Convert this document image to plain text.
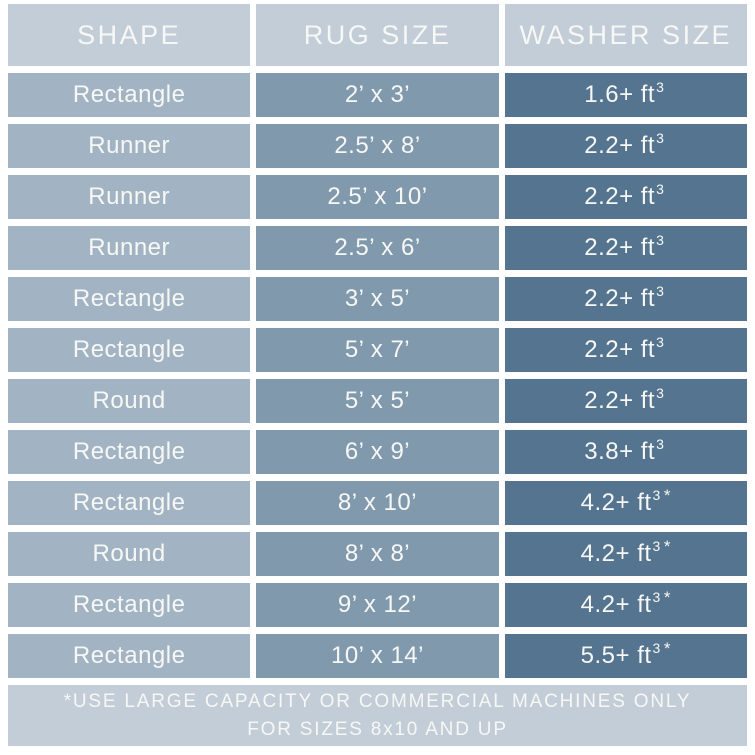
SHAPE	RUG SIZE	WASHER SIZE
Rectangle	2’ x 3’	1.6+ ft 3
Runner	2.5’ x 8’	2.2+ ft 3
Runner	2.5’ x 10’	2.2+ ft 3
Runner	2.5’ x 6’	2.2+ ft 3
Rectangle	3’ x 5’	2.2+ ft 3
Rectangle	5’ x 7’	2.2+ ft 3
Round	5’ x 5’	2.2+ ft 3
Rectangle	6’ x 9’	3.8+ ft 3
Rectangle	8’ x 10’	4.2+ ft 3 *
Round	8’ x 8’	4.2+ ft 3 *
Rectangle	9’ x 12’	4.2+ ft 3 *
Rectangle	10’ x 14’	5.5+ ft 3 *
*USE LARGE CAPACITY OR COMMERCIAL MACHINES ONLY
FOR SIZES 8x10 AND UP
